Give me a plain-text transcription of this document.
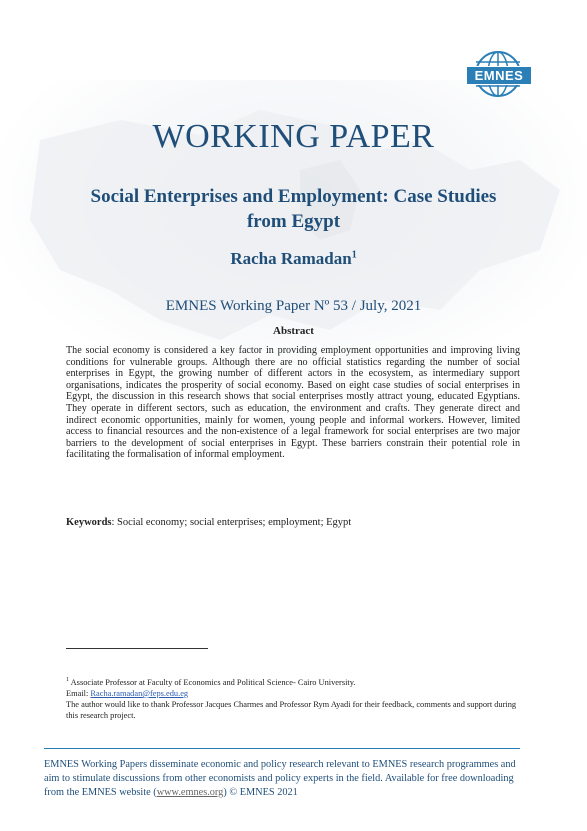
EMNES
WORKING PAPER
Social Enterprises and Employment: Case Studies from Egypt
Racha Ramadan$^1$
EMNES Working Paper Nº 53 / July, 2021
Abstract
The social economy is considered a key factor in providing employment opportunities and improving living conditions for vulnerable groups. Although there are no official statistics regarding the number of social enterprises in Egypt, the growing number of different actors in the ecosystem, as intermediary support organisations, indicates the prosperity of social economy. Based on eight case studies of social enterprises in Egypt, the discussion in this research shows that social enterprises mostly attract young, educated Egyptians. They operate in different sectors, such as education, the environment and crafts. They generate direct and indirect economic opportunities, mainly for women, young people and informal workers. However, limited access to financial resources and the non-existence of a legal framework for social enterprises are two major barriers to the development of social enterprises in Egypt. These barriers constrain their potential role in facilitating the formalisation of informal employment.
Keywords: Social economy; social enterprises; employment; Egypt
$^1$ Associate Professor at Faculty of Economics and Political Science- Cairo University.
Email: Racha.ramadan@feps.edu.eg
The author would like to thank Professor Jacques Charmes and Professor Rym Ayadi for their feedback, comments and support during this research project.
EMNES Working Papers disseminate economic and policy research relevant to EMNES research programmes and aim to stimulate discussions from other economists and policy experts in the field. Available for free downloading from the EMNES website (www.emnes.org) © EMNES 2021
